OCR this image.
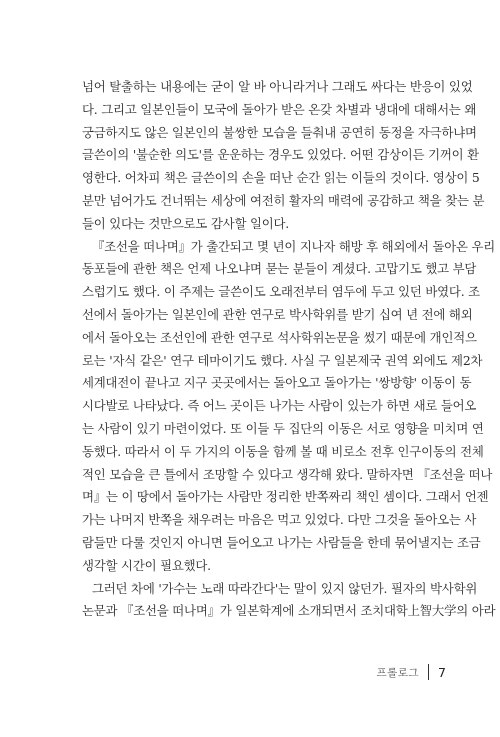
넘어 탈출하는 내용에는 굳이 알 바 아니라거나 그래도 싸다는 반응이 있었
다. 그리고 일본인들이 모국에 돌아가 받은 온갖 차별과 냉대에 대해서는 왜
궁금하지도 않은 일본인의 불쌍한 모습을 들춰내 공연히 동정을 자극하냐며
글쓴이의 '불순한 의도'를 운운하는 경우도 있었다. 어떤 감상이든 기꺼이 환
영한다. 어차피 책은 글쓴이의 손을 떠난 순간 읽는 이들의 것이다. 영상이 5
분만 넘어가도 건너뛰는 세상에 여전히 활자의 매력에 공감하고 책을 찾는 분
들이 있다는 것만으로도 감사할 일이다.
『조선을 떠나며』가 출간되고 몇 년이 지나자 해방 후 해외에서 돌아온 우리
동포들에 관한 책은 언제 나오냐며 묻는 분들이 계셨다. 고맙기도 했고 부담
스럽기도 했다. 이 주제는 글쓴이도 오래전부터 염두에 두고 있던 바였다. 조
선에서 돌아가는 일본인에 관한 연구로 박사학위를 받기 십여 년 전에 해외
에서 돌아오는 조선인에 관한 연구로 석사학위논문을 썼기 때문에 개인적으
로는 '자식 같은' 연구 테마이기도 했다. 사실 구 일본제국 권역 외에도 제2차
세계대전이 끝나고 지구 곳곳에서는 돌아오고 돌아가는 '쌍방향' 이동이 동
시다발로 나타났다. 즉 어느 곳이든 나가는 사람이 있는가 하면 새로 들어오
는 사람이 있기 마련이었다. 또 이들 두 집단의 이동은 서로 영향을 미치며 연
동했다. 따라서 이 두 가지의 이동을 함께 볼 때 비로소 전후 인구이동의 전체
적인 모습을 큰 틀에서 조망할 수 있다고 생각해 왔다. 말하자면 『조선을 떠나
며』는 이 땅에서 돌아가는 사람만 정리한 반쪽짜리 책인 셈이다. 그래서 언젠
가는 나머지 반쪽을 채우려는 마음은 먹고 있었다. 다만 그것을 돌아오는 사
람들만 다룰 것인지 아니면 들어오고 나가는 사람들을 한데 묶어낼지는 조금
생각할 시간이 필요했다.
그러던 차에 '가수는 노래 따라간다'는 말이 있지 않던가. 필자의 박사학위
논문과 『조선을 떠나며』가 일본학계에 소개되면서 조치대학上智大学의 아라
프롤로그 7
